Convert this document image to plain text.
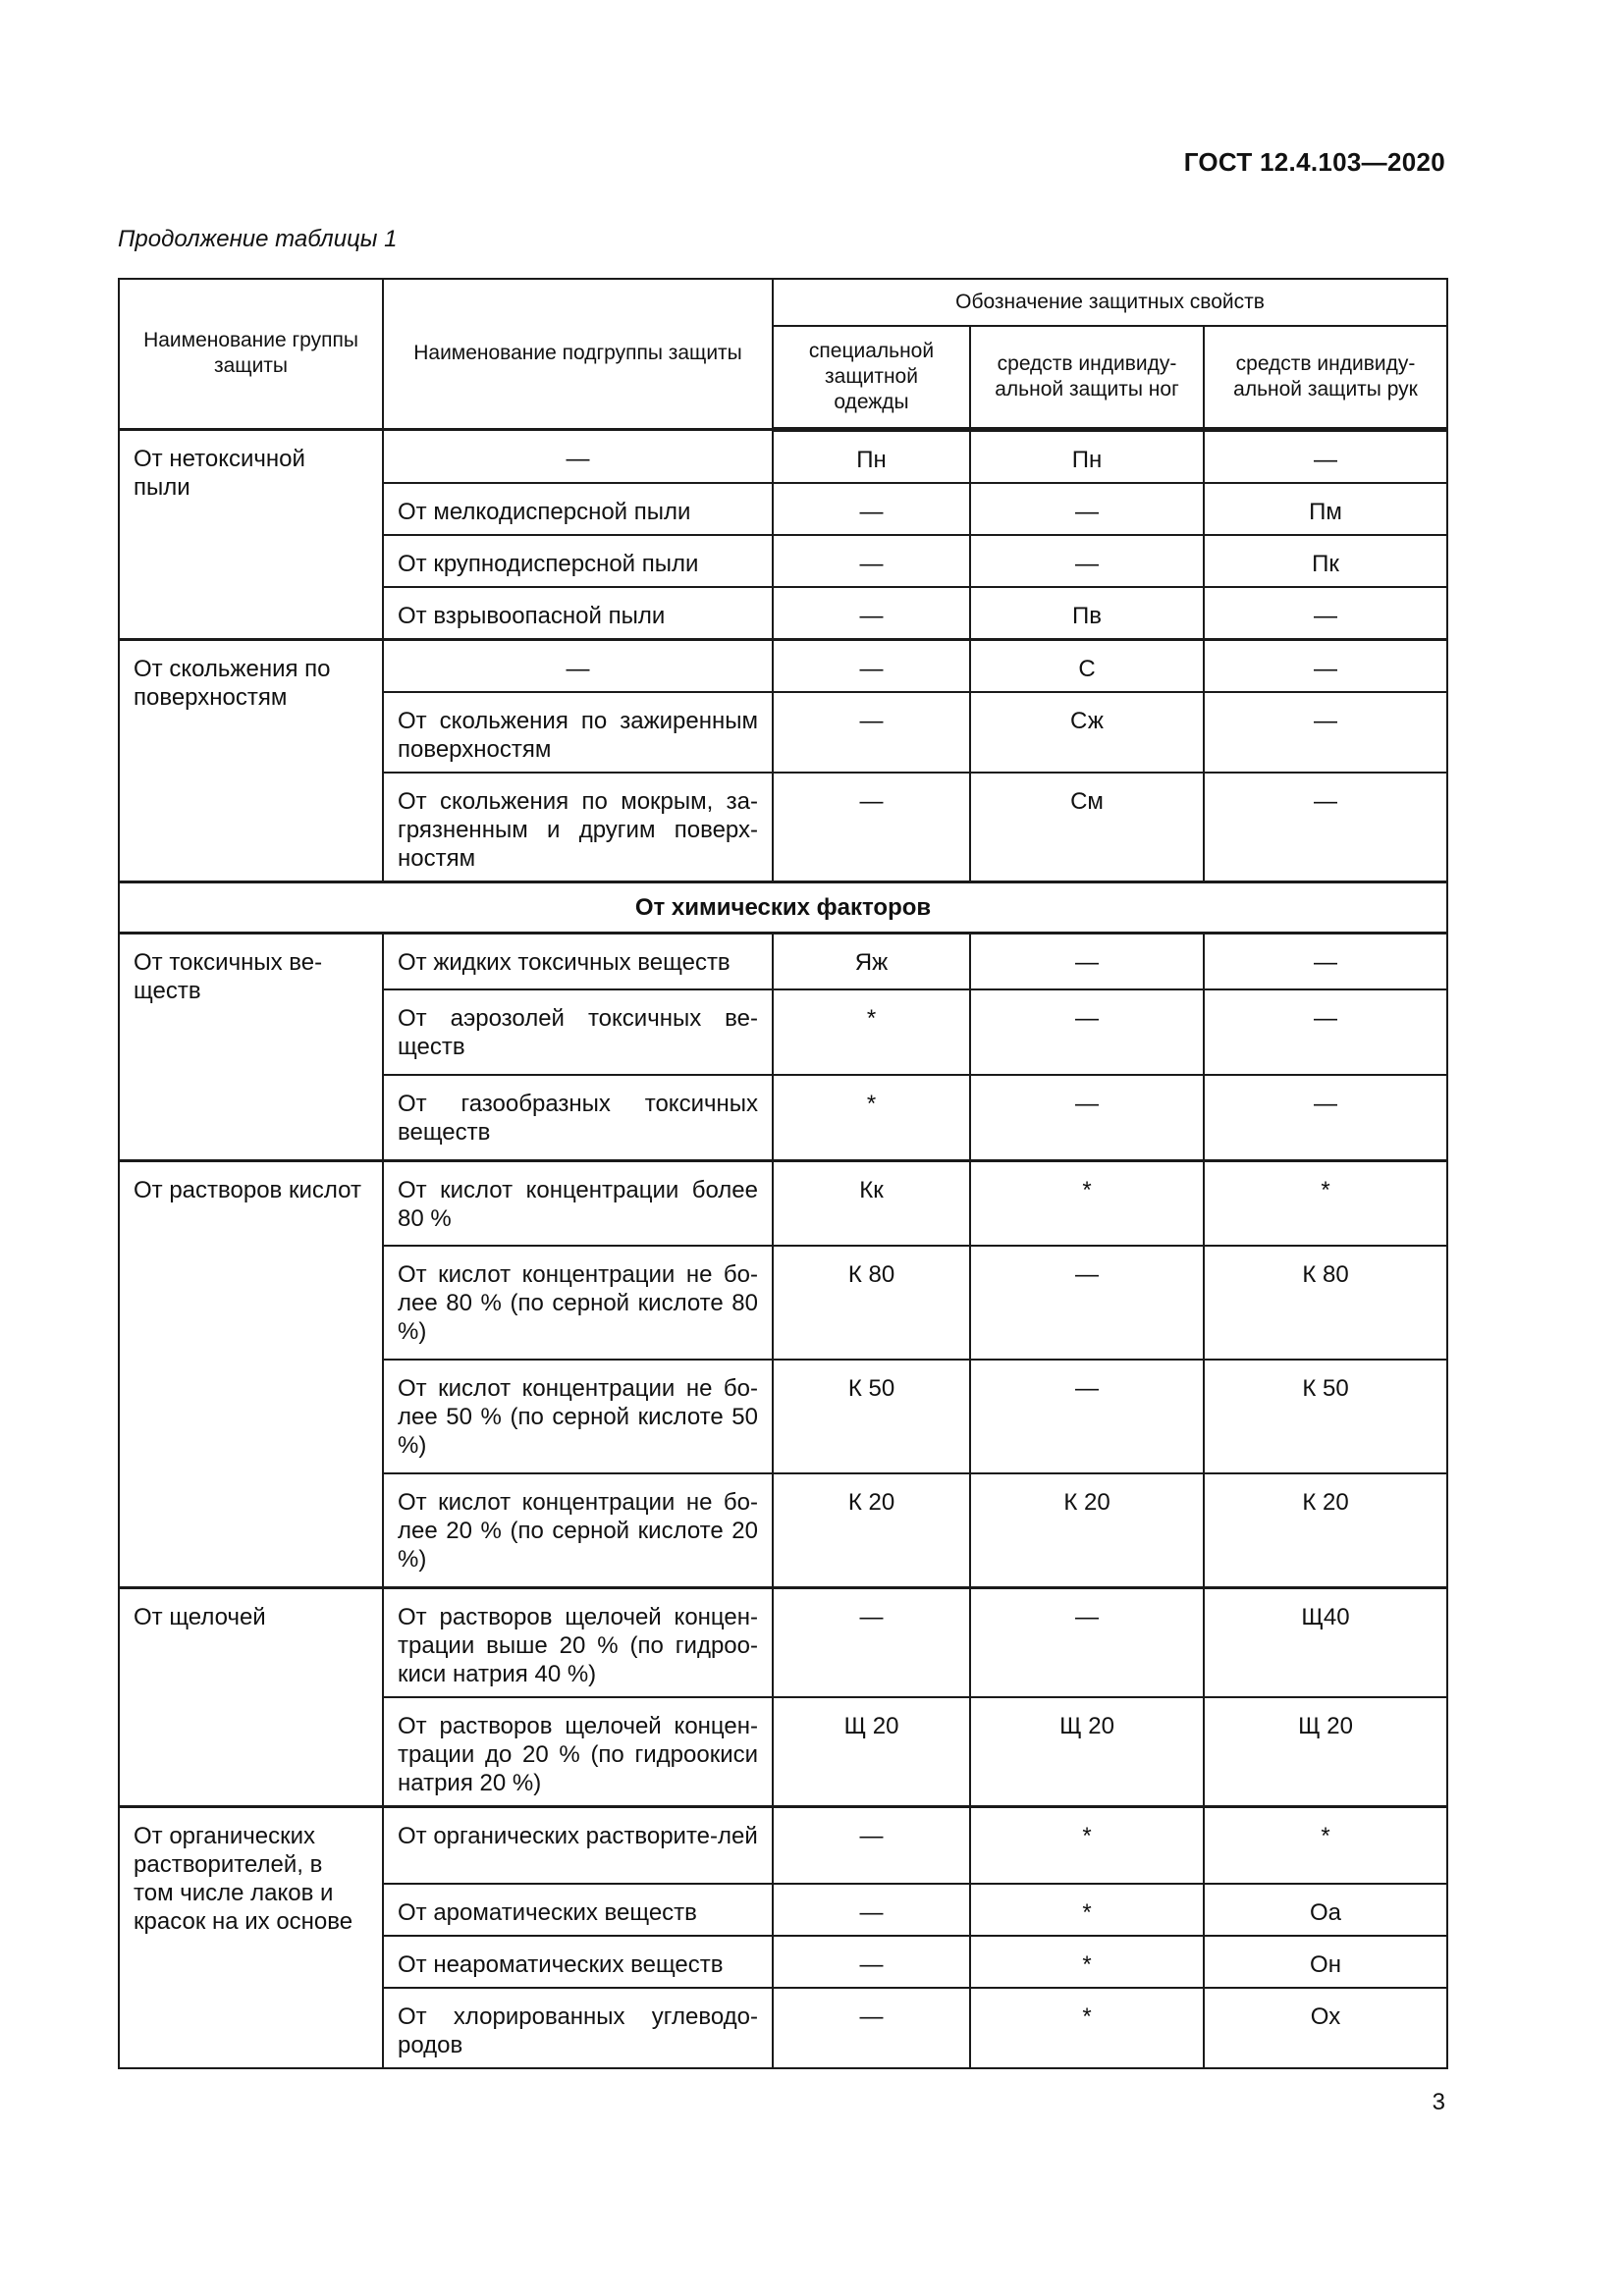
ГОСТ 12.4.103—2020
Продолжение таблицы 1
Наименование группы защиты	Наименование подгруппы защиты	Обозначение защитных свойств		
		специальной защитной одежды	средств индивиду-альной защиты ног	средств индивиду-альной защиты рук
От нетоксичной пыли	—	Пн	Пн	—
	От мелкодисперсной пыли	—	—	Пм
	От крупнодисперсной пыли	—	—	Пк
	От взрывоопасной пыли	—	Пв	—
От скольжения по поверхностям	—	—	С	—
	От скольжения по зажиренным поверхностям	—	Сж	—
	От скольжения по мокрым, за-грязненным и другим поверх-ностям	—	См	—
От химических факторов				
От токсичных ве-ществ	От жидких токсичных веществ	Яж	—	—
	От аэрозолей токсичных ве-ществ	*	—	—
	От газообразных токсичных веществ	*	—	—
От растворов кислот	От кислот концентрации более 80 %	Кк	*	*
	От кислот концентрации не бо-лее 80 % (по серной кислоте 80 %)	К 80	—	К 80
	От кислот концентрации не бо-лее 50 % (по серной кислоте 50 %)	К 50	—	К 50
	От кислот концентрации не бо-лее 20 % (по серной кислоте 20 %)	К 20	К 20	К 20
От щелочей	От растворов щелочей концен-трации выше 20 % (по гидроо-киси натрия 40 %)	—	—	Щ40
	От растворов щелочей концен-трации до 20 % (по гидроокиси натрия 20 %)	Щ 20	Щ 20	Щ 20
От органических растворителей, в том числе лаков и красок на их основе	От органических растворите-лей	—	*	*
	От ароматических веществ	—	*	Оа
	От неароматических веществ	—	*	Он
	От хлорированных углеводо-родов	—	*	Ох
3
